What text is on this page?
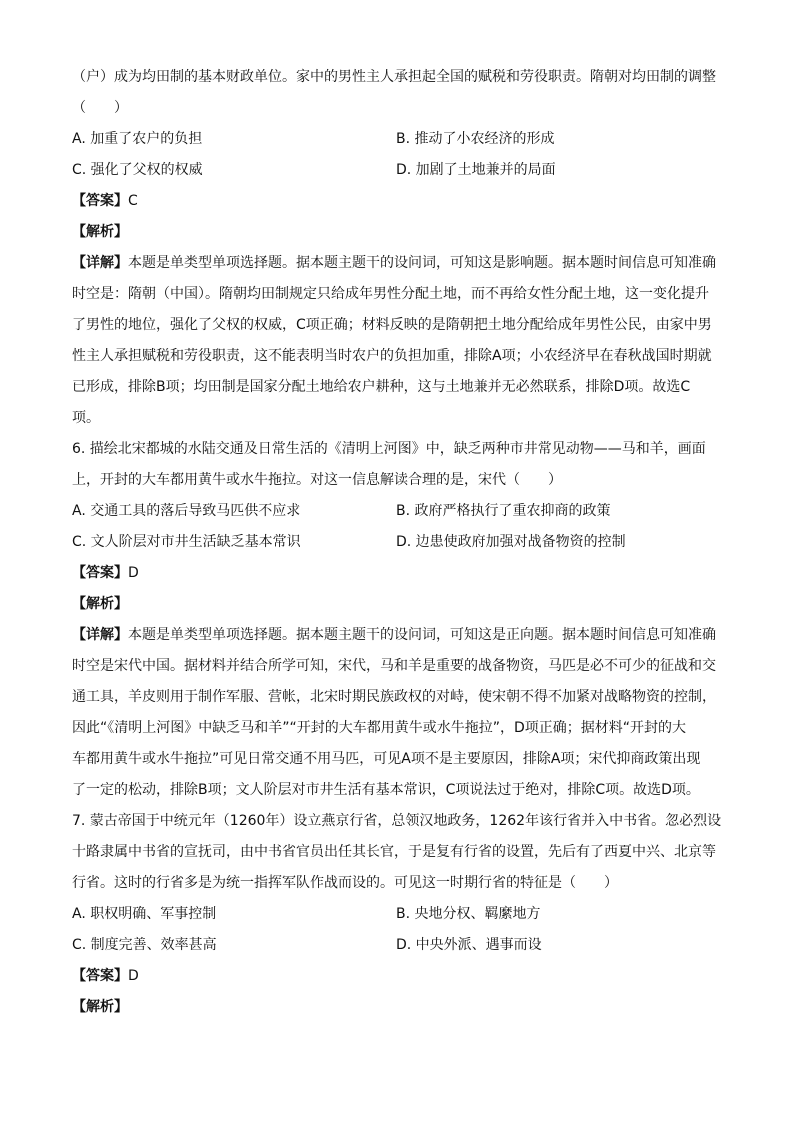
（户）成为均田制的基本财政单位。家中的男性主人承担起全国的赋税和劳役职责。隋朝对均田制的调整
（　　）
A. 加重了农户的负担	B. 推动了小农经济的形成
C. 强化了父权的权威	D. 加剧了土地兼并的局面
【答案】C
【解析】
【详解】本题是单类型单项选择题。据本题主题干的设问词，可知这是影响题。据本题时间信息可知准确
时空是：隋朝（中国）。隋朝均田制规定只给成年男性分配土地，而不再给女性分配土地，这一变化提升
了男性的地位，强化了父权的权威，C项正确；材料反映的是隋朝把土地分配给成年男性公民，由家中男
性主人承担赋税和劳役职责，这不能表明当时农户的负担加重，排除A项；小农经济早在春秋战国时期就
已形成，排除B项；均田制是国家分配土地给农户耕种，这与土地兼并无必然联系，排除D项。故选C
项。
6. 描绘北宋都城的水陆交通及日常生活的《清明上河图》中，缺乏两种市井常见动物——马和羊，画面
上，开封的大车都用黄牛或水牛拖拉。对这一信息解读合理的是，宋代（　　）
A. 交通工具的落后导致马匹供不应求	B. 政府严格执行了重农抑商的政策
C. 文人阶层对市井生活缺乏基本常识	D. 边患使政府加强对战备物资的控制
【答案】D
【解析】
【详解】本题是单类型单项选择题。据本题主题干的设问词，可知这是正向题。据本题时间信息可知准确
时空是宋代中国。据材料并结合所学可知，宋代，马和羊是重要的战备物资，马匹是必不可少的征战和交
通工具，羊皮则用于制作军服、营帐，北宋时期民族政权的对峙，使宋朝不得不加紧对战略物资的控制，
因此“《清明上河图》中缺乏马和羊”“开封的大车都用黄牛或水牛拖拉”，D项正确；据材料“开封的大
车都用黄牛或水牛拖拉”可见日常交通不用马匹，可见A项不是主要原因，排除A项；宋代抑商政策出现
了一定的松动，排除B项；文人阶层对市井生活有基本常识，C项说法过于绝对，排除C项。故选D项。
7. 蒙古帝国于中统元年（1260年）设立燕京行省，总领汉地政务，1262年该行省并入中书省。忽必烈设
十路隶属中书省的宣抚司，由中书省官员出任其长官，于是复有行省的设置，先后有了西夏中兴、北京等
行省。这时的行省多是为统一指挥军队作战而设的。可见这一时期行省的特征是（　　）
A. 职权明确、军事控制	B. 央地分权、羁縻地方
C. 制度完善、效率甚高	D. 中央外派、遇事而设
【答案】D
【解析】
